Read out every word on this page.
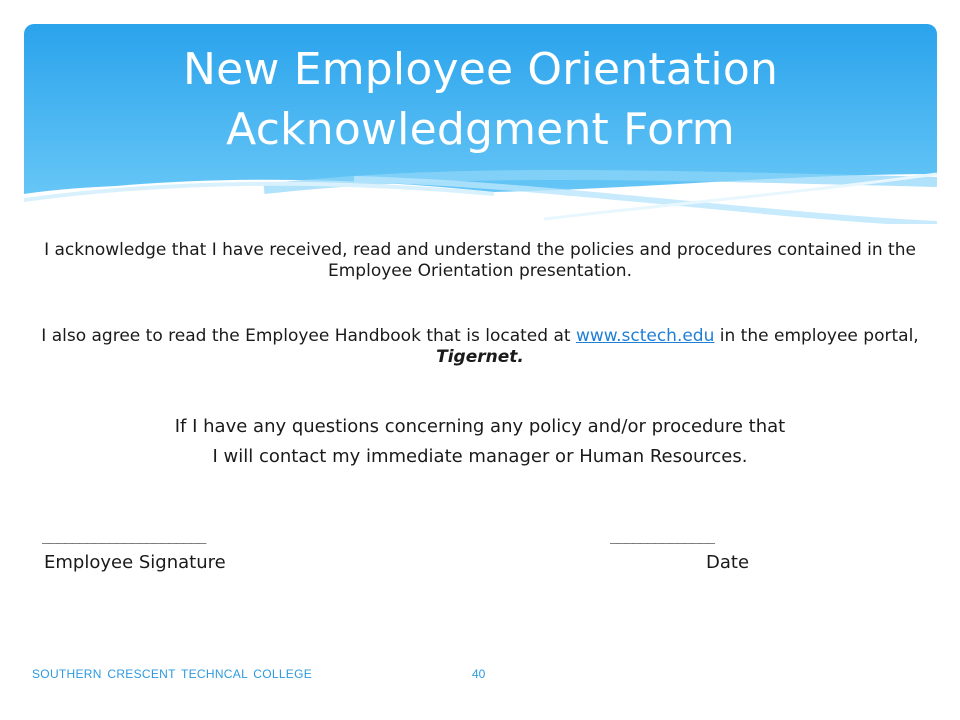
New Employee Orientation
Acknowledgment Form

I acknowledge that I have received, read and understand the policies and procedures contained in the Employee Orientation presentation.

I also agree to read the Employee Handbook that is located at www.sctech.edu in the employee portal, Tigernet.

If I have any questions concerning any policy and/or procedure that
I will contact my immediate manager or Human Resources.

______________________	______________
Employee Signature	Date
SOUTHERN CRESCENT TECHNCAL COLLEGE	40
